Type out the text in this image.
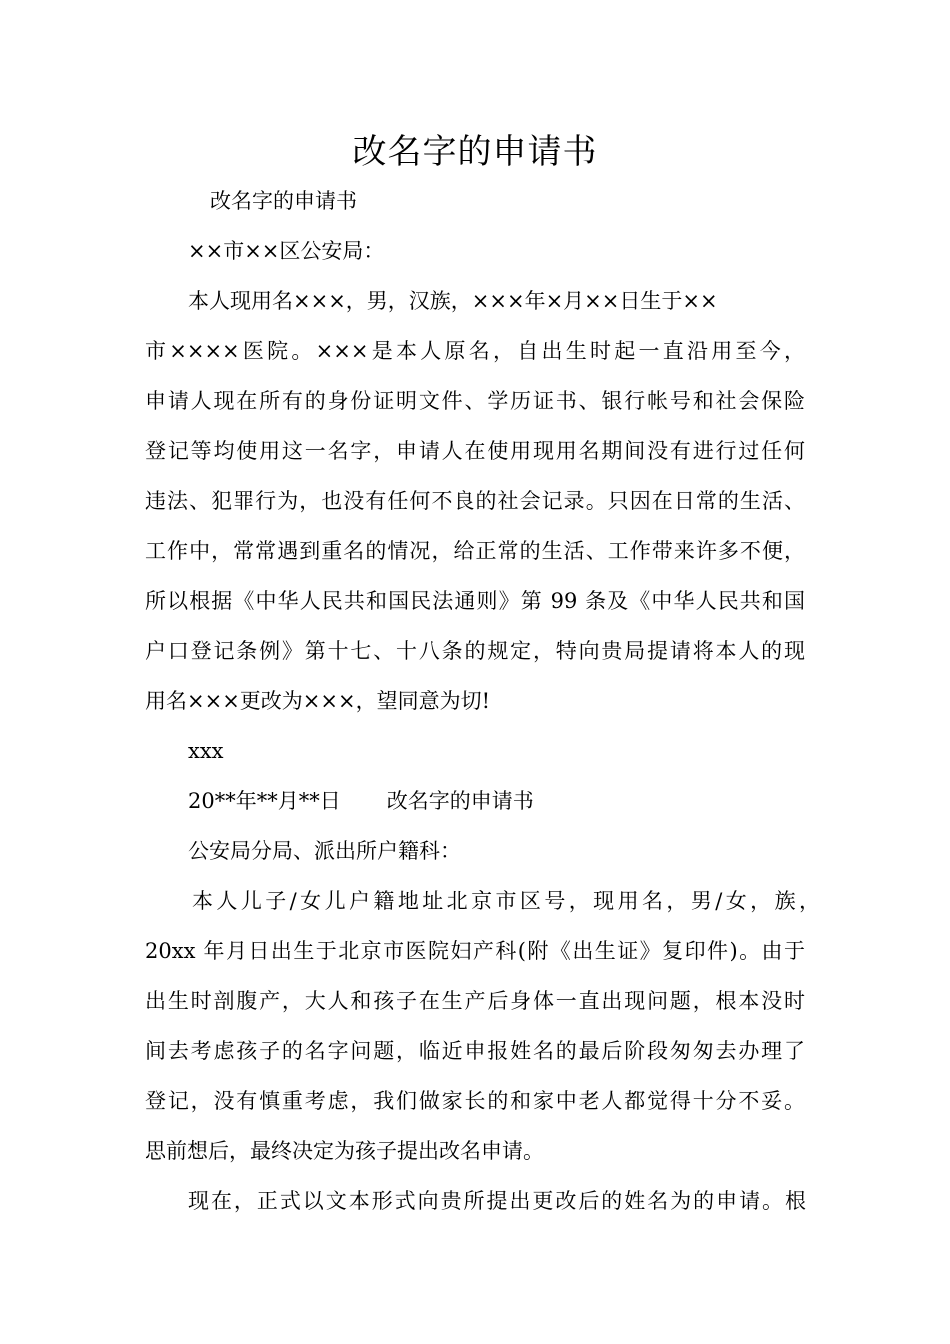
改名字的申请书
改名字的申请书
××市××区公安局：
本人现用名×××，男，汉族，×××年×月××日生于××
市××××医院。×××是本人原名，自出生时起一直沿用至今，
申请人现在所有的身份证明文件、学历证书、银行帐号和社会保险
登记等均使用这一名字，申请人在使用现用名期间没有进行过任何
违法、犯罪行为，也没有任何不良的社会记录。只因在日常的生活、
工作中，常常遇到重名的情况，给正常的生活、工作带来许多不便，
所以根据《中华人民共和国民法通则》第 99 条及《中华人民共和国
户口登记条例》第十七、十八条的规定，特向贵局提请将本人的现
用名×××更改为×××，望同意为切!
xxx
20**年**月**日 改名字的申请书
公安局分局、派出所户籍科：
本人儿子/女儿户籍地址北京市区号，现用名，男/女，族，
20xx 年月日出生于北京市医院妇产科(附《出生证》复印件)。由于
出生时剖腹产，大人和孩子在生产后身体一直出现问题，根本没时
间去考虑孩子的名字问题，临近申报姓名的最后阶段匆匆去办理了
登记，没有慎重考虑，我们做家长的和家中老人都觉得十分不妥。
思前想后，最终决定为孩子提出改名申请。
现在，正式以文本形式向贵所提出更改后的姓名为的申请。根
